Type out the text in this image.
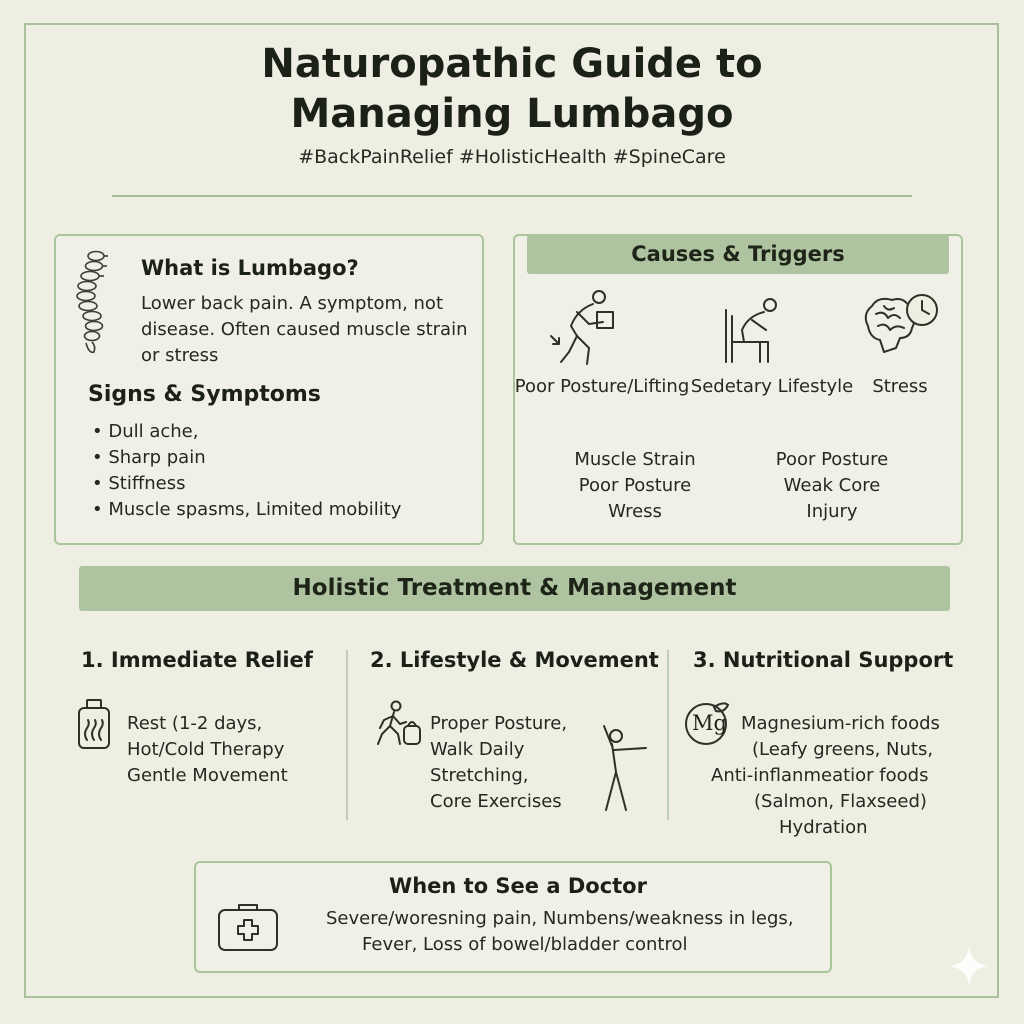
Naturopathic Guide to
Managing Lumbago
#BackPainRelief #HolisticHealth #SpineCare
What is Lumbago?
Lower back pain. A symptom, not
disease. Often caused muscle strain
or stress
Signs & Symptoms
• Dull ache,
• Sharp pain
• Stiffness
• Muscle spasms, Limited mobility
Causes & Triggers
Poor Posture/Lifting Sedetary Lifestyle	Stress
Muscle Strain
Poor Posture
Wress
Poor Posture
Weak Core
Injury
Holistic Treatment & Management
1. Immediate Relief
Rest (1-2 days,
Hot/Cold Therapy
Gentle Movement
2. Lifestyle & Movement
Proper Posture,
Walk Daily
Stretching,
Core Exercises
3. Nutritional Support
Mg Magnesium-rich foods
(Leafy greens, Nuts,
Anti-inflanmeatior foods
(Salmon, Flaxseed)
Hydration
When to See a Doctor
Severe/woresning pain, Numbens/weakness in legs,
Fever, Loss of bowel/bladder control
